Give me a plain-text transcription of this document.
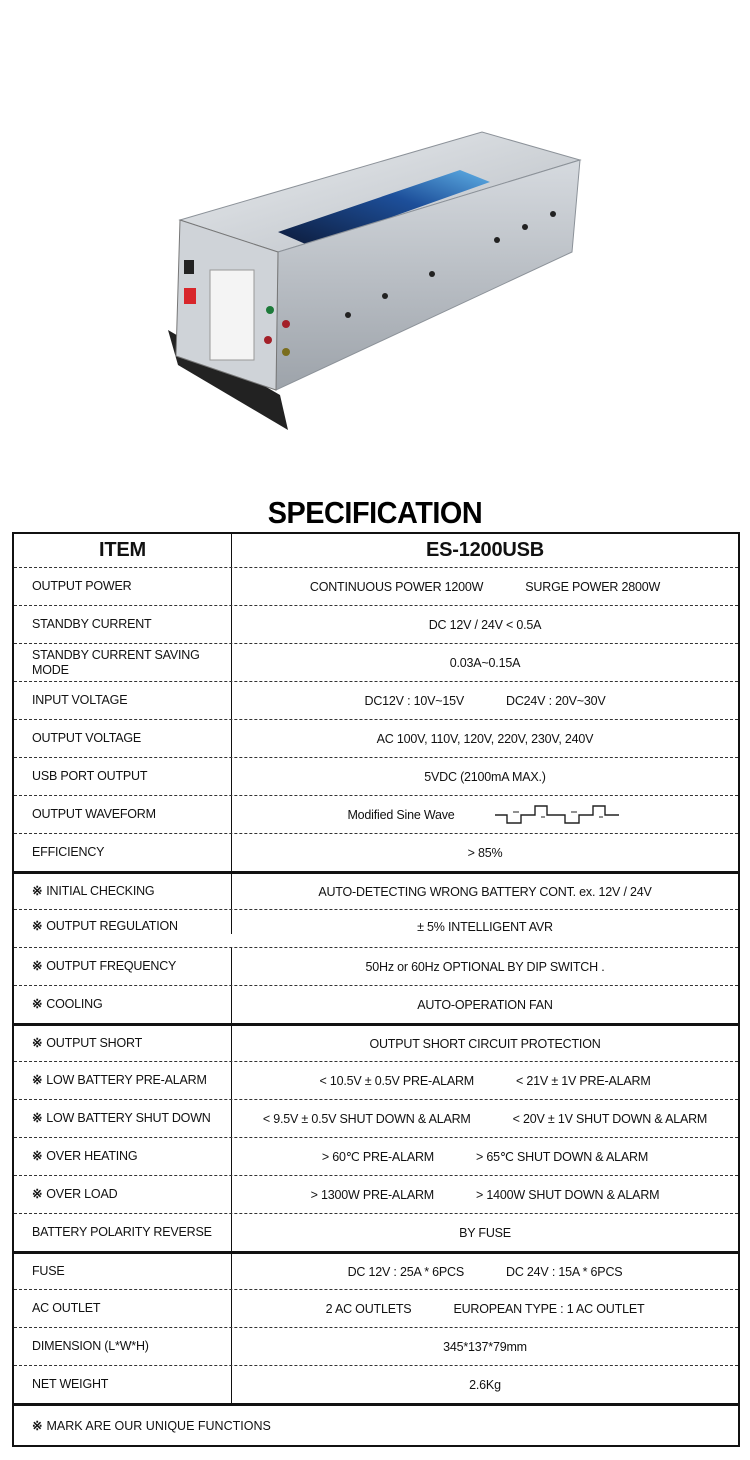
SPECIFICATION
ITEM	ES-1200USB
OUTPUT POWER	CONTINUOUS POWER 1200W	SURGE POWER 2800W
STANDBY CURRENT	DC 12V / 24V < 0.5A
STANDBY CURRENT SAVING MODE	0.03A~0.15A
INPUT VOLTAGE	DC12V : 10V~15V	DC24V : 20V~30V
OUTPUT VOLTAGE	AC 100V, 110V, 120V, 220V, 230V, 240V
USB PORT OUTPUT	5VDC (2100mA MAX.)
OUTPUT WAVEFORM	Modified Sine Wave
EFFICIENCY	> 85%
※ INITIAL CHECKING	AUTO-DETECTING WRONG BATTERY CONT. ex. 12V / 24V
※ OUTPUT REGULATION	± 5% INTELLIGENT AVR
※ OUTPUT FREQUENCY	50Hz or 60Hz OPTIONAL BY DIP SWITCH .
※ COOLING	AUTO-OPERATION FAN
※ OUTPUT SHORT	OUTPUT SHORT CIRCUIT PROTECTION
※ LOW BATTERY PRE-ALARM	< 10.5V ± 0.5V PRE-ALARM	< 21V ± 1V PRE-ALARM
※ LOW BATTERY SHUT DOWN	< 9.5V ± 0.5V SHUT DOWN & ALARM	< 20V ± 1V SHUT DOWN & ALARM
※ OVER HEATING	> 60℃ PRE-ALARM	> 65℃ SHUT DOWN & ALARM
※ OVER LOAD	> 1300W PRE-ALARM	> 1400W SHUT DOWN & ALARM
BATTERY POLARITY REVERSE	BY FUSE
FUSE	DC 12V : 25A * 6PCS	DC 24V : 15A * 6PCS
AC OUTLET	2 AC OUTLETS	EUROPEAN TYPE : 1 AC OUTLET
DIMENSION (L*W*H)	345*137*79mm
NET WEIGHT	2.6Kg
※ MARK ARE OUR UNIQUE FUNCTIONS
